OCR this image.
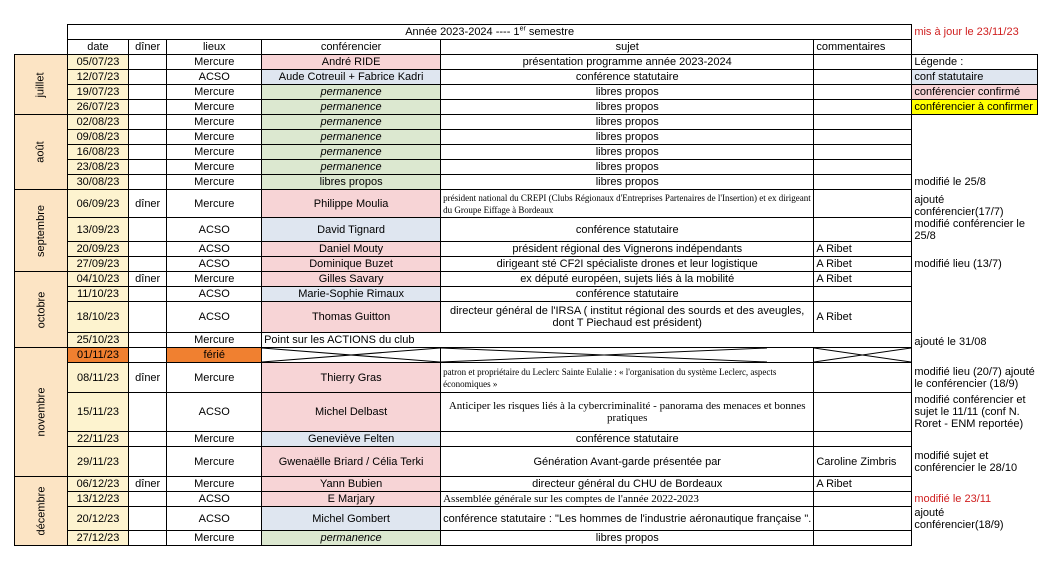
	Année 2023-2024 ---- 1er semestre						mis à jour le 23/11/23
	date	dîner	lieux	conférencier	sujet	commentaires	
juillet	05/07/23		Mercure	André RIDE	présentation programme année 2023-2024		Légende :
	12/07/23		ACSO	Aude Cotreuil + Fabrice Kadri	conférence statutaire		conf statutaire
	19/07/23		Mercure	permanence	libres propos		conférencier confirmé
	26/07/23		Mercure	permanence	libres propos		conférencier à confirmer
août	02/08/23		Mercure	permanence	libres propos		
	09/08/23		Mercure	permanence	libres propos		
	16/08/23		Mercure	permanence	libres propos		
	23/08/23		Mercure	permanence	libres propos		
	30/08/23		Mercure	libres propos	libres propos		modifié le 25/8
septembre	06/09/23	dîner	Mercure	Philippe Moulia	président national du CREPI (Clubs Régionaux d'Entreprises Partenaires de l'Insertion) et ex dirigeant du Groupe Eiffage à Bordeaux		ajouté conférencier(17/7)
	13/09/23		ACSO	David Tignard	conférence statutaire		modifié conférencier le 25/8
	20/09/23		ACSO	Daniel Mouty	président régional des Vignerons indépendants	A Ribet	
	27/09/23		ACSO	Dominique Buzet	dirigeant sté CF2I spécialiste drones et leur logistique	A Ribet	modifié lieu (13/7)
octobre	04/10/23	dîner	Mercure	Gilles Savary	ex député européen, sujets liés à la mobilité	A Ribet	
	11/10/23		ACSO	Marie-Sophie Rimaux	conférence statutaire		
	18/10/23		ACSO	Thomas Guitton	directeur général de l'IRSA ( institut régional des sourds et des aveugles, dont T Piechaud est président)	A Ribet	
	25/10/23		Mercure	Point sur les ACTIONS du club			ajouté le 31/08
novembre	01/11/23		férié	

	08/11/23	dîner	Mercure	Thierry Gras	patron et propriétaire du Leclerc Sainte Eulalie : « l'organisation du système Leclerc, aspects économiques »		modifié lieu (20/7) ajouté le conférencier (18/9)
	15/11/23		ACSO	Michel Delbast	Anticiper les risques liés à la cybercriminalité - panorama des menaces et bonnes pratiques		modifié conférencier et sujet le 11/11 (conf N. Roret - ENM reportée)
	22/11/23		Mercure	Geneviève Felten	conférence statutaire		
	29/11/23		Mercure	Gwenaëlle Briard / Célia Terki	Génération Avant-garde présentée par	Caroline Zimbris	modifié sujet et conférencier le 28/10
décembre	06/12/23	dîner	Mercure	Yann Bubien	directeur général du CHU de Bordeaux	A Ribet	
	13/12/23		ACSO	E Marjary	Assemblée générale sur les comptes de l'année 2022-2023		modifié le 23/11
	20/12/23		ACSO	Michel Gombert	conférence statutaire : "Les hommes de l'industrie aéronautique française ".		ajouté conférencier(18/9)
	27/12/23		Mercure	permanence	libres propos		
